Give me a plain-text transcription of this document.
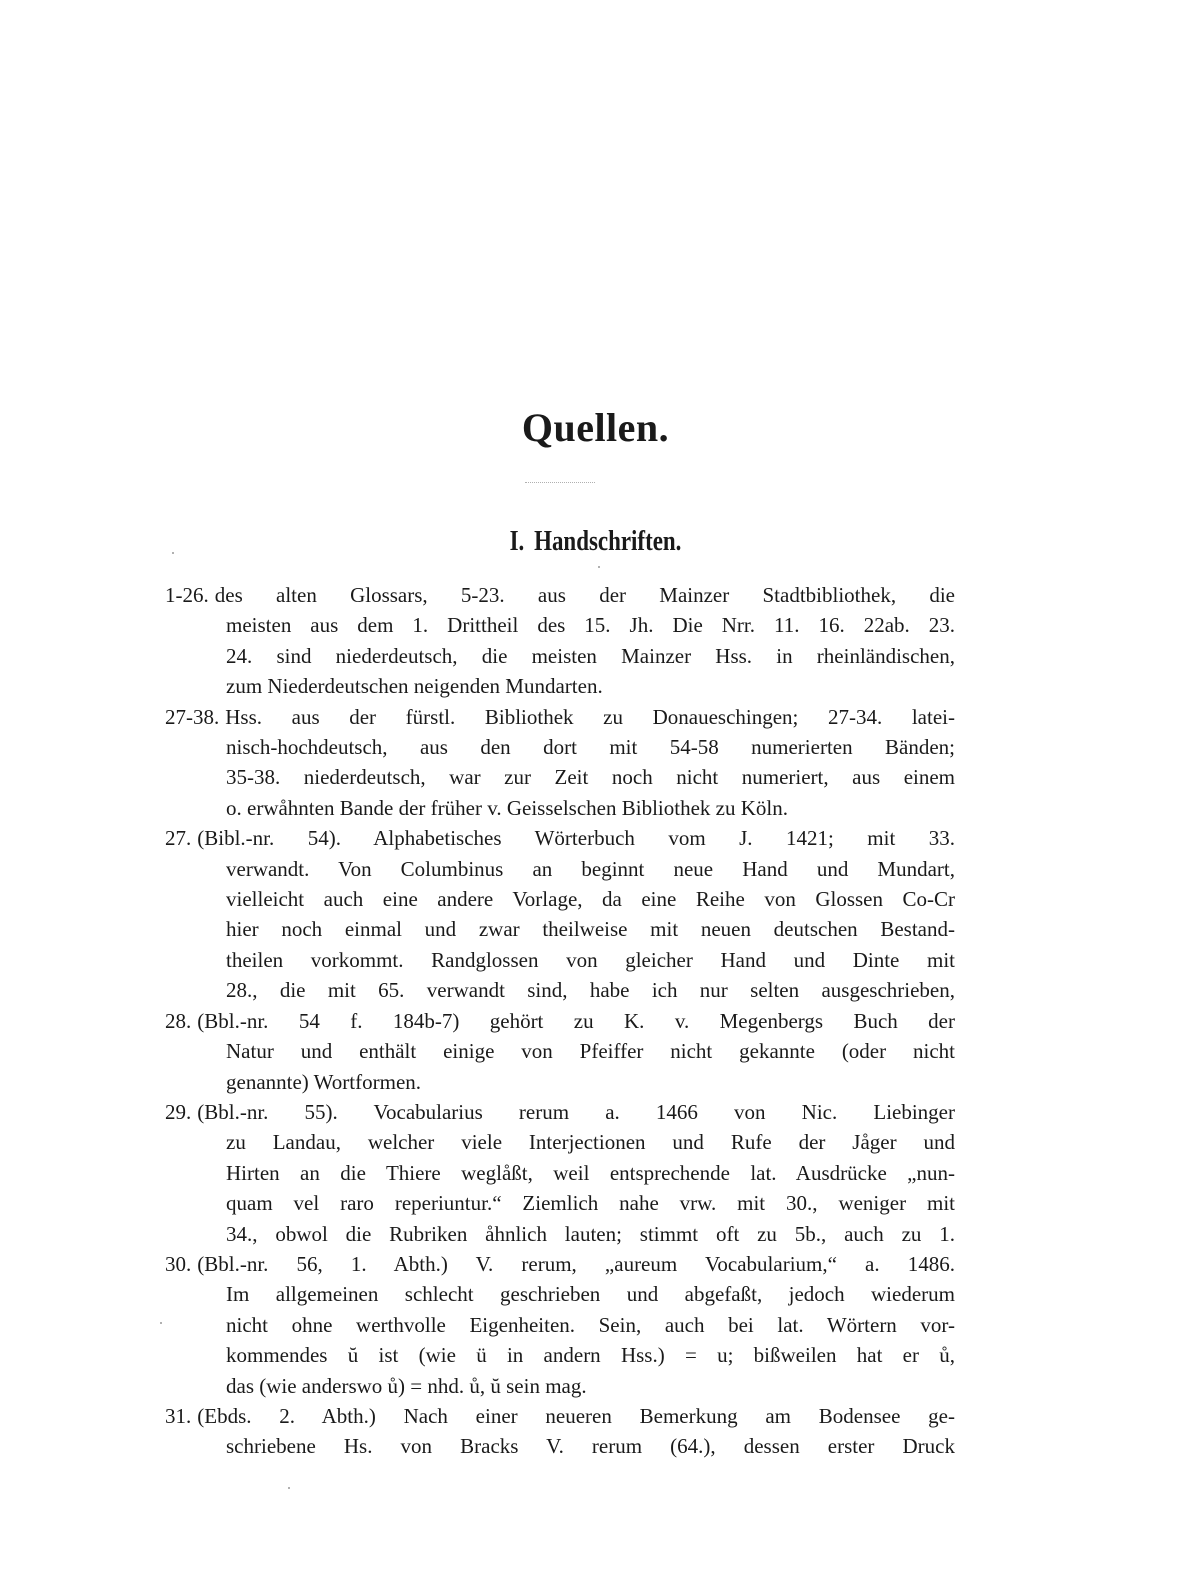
Quellen.
I. Handschriften.
1-26. des alten Glossars, 5-23. aus der Mainzer Stadtbibliothek, die
meisten aus dem 1. Drittheil des 15. Jh. Die Nrr. 11. 16. 22ab. 23.
24. sind niederdeutsch, die meisten Mainzer Hss. in rheinländischen,
zum Niederdeutschen neigenden Mundarten.
27-38. Hss. aus der fürstl. Bibliothek zu Donaueschingen; 27-34. latei-
nisch-hochdeutsch, aus den dort mit 54-58 numerierten Bänden;
35-38. niederdeutsch, war zur Zeit noch nicht numeriert, aus einem
o. erwåhnten Bande der früher v. Geisselschen Bibliothek zu Köln.
27. (Bibl.-nr. 54). Alphabetisches Wörterbuch vom J. 1421; mit 33.
verwandt. Von Columbinus an beginnt neue Hand und Mundart,
vielleicht auch eine andere Vorlage, da eine Reihe von Glossen Co-Cr
hier noch einmal und zwar theilweise mit neuen deutschen Bestand-
theilen vorkommt. Randglossen von gleicher Hand und Dinte mit
28., die mit 65. verwandt sind, habe ich nur selten ausgeschrieben,
28. (Bbl.-nr. 54 f. 184b-7) gehört zu K. v. Megenbergs Buch der
Natur und enthält einige von Pfeiffer nicht gekannte (oder nicht
genannte) Wortformen.
29. (Bbl.-nr. 55). Vocabularius rerum a. 1466 von Nic. Liebinger
zu Landau, welcher viele Interjectionen und Rufe der Jåger und
Hirten an die Thiere weglåßt, weil entsprechende lat. Ausdrücke „nun-
quam vel raro reperiuntur.“ Ziemlich nahe vrw. mit 30., weniger mit
34., obwol die Rubriken åhnlich lauten; stimmt oft zu 5b., auch zu 1.
30. (Bbl.-nr. 56, 1. Abth.) V. rerum, „aureum Vocabularium,“ a. 1486.
Im allgemeinen schlecht geschrieben und abgefaßt, jedoch wiederum
nicht ohne werthvolle Eigenheiten. Sein, auch bei lat. Wörtern vor-
kommendes ŭ ist (wie ü in andern Hss.) = u; bißweilen hat er ů,
das (wie anderswo ů) = nhd. ů, ŭ sein mag.
31. (Ebds. 2. Abth.) Nach einer neueren Bemerkung am Bodensee ge-
schriebene Hs. von Bracks V. rerum (64.), dessen erster Druck
